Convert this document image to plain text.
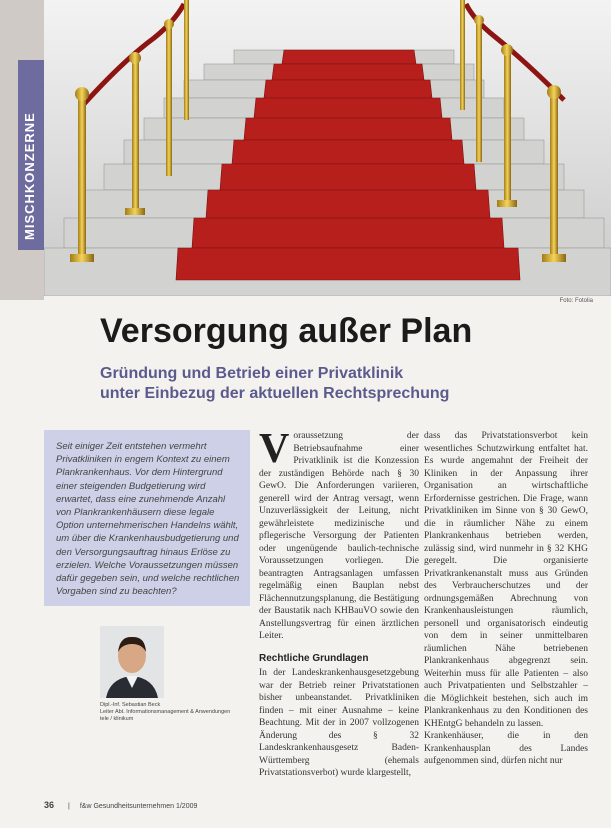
MISCHKONZERNE
Foto: Fotolia
Versorgung außer Plan
Gründung und Betrieb einer Privatklinik
unter Einbezug der aktuellen Rechtsprechung

Seit einiger Zeit entstehen vermehrt Privatkliniken in engem Kontext zu einem Plankrankenhaus. Vor dem Hintergrund einer steigenden Budgetierung wird erwartet, dass eine zunehmende Anzahl von Plankrankenhäusern diese legale Option unternehmerischen Handelns wählt, um über die Krankenhausbudgetierung und den Versorgungsauftrag hinaus Erlöse zu erzielen. Welche Voraussetzungen müssen dafür gegeben sein, und welche rechtlichen Vorgaben sind zu beachten?

Dipl.-Inf. Sebastian Beck
Leiter Abt. Informationsmanagement & Anwendungen
tele / klinikum

Voraussetzung der Betriebsaufnahme einer Privatklinik ist die Konzession der zuständigen Behörde nach § 30 GewO. Die Anforderungen variieren, generell wird der Antrag versagt, wenn Unzuverlässigkeit der Leitung, nicht gewährleistete medizinische und pflegerische Versorgung der Patienten oder ungenügende baulich-technische Voraussetzungen vorliegen. Die beantragten Antragsanlagen umfassen regelmäßig einen Bauplan nebst Flächennutzungsplanung, die Bestätigung der Baustatik nach KHBauVO sowie den Anstellungsvertrag für einen ärztlichen Leiter.

Rechtliche Grundlagen

In der Landeskrankenhausgesetzgebung war der Betrieb reiner Privatstationen bisher unbeanstandet. Privatkliniken finden – mit einer Ausnahme – keine Beachtung. Mit der in 2007 vollzogenen Änderung des § 32 Landeskrankenhausgesetz Baden-Württemberg (ehemals Privatstationsverbot) wurde klargestellt,

dass das Privatstationsverbot kein wesentliches Schutzwirkung entfaltet hat. Es wurde angemahnt der Freiheit der Kliniken in der Anpassung ihrer Organisation an wirtschaftliche Erfordernisse gestrichen. Die Frage, wann Privatkliniken im Sinne von § 30 GewO, die in räumlicher Nähe zu einem Plankrankenhaus betrieben werden, zulässig sind, wird nunmehr in § 32 KHG geregelt. Die organisierte Privatkrankenanstalt muss aus Gründen des Verbraucherschutzes und der ordnungsgemäßen Abrechnung von Krankenhausleistungen räumlich, personell und organisatorisch eindeutig von dem in seiner unmittelbaren räumlichen Nähe betriebenen Plankrankenhaus abgegrenzt sein. Weiterhin muss für alle Patienten – also auch Privatpatienten und Selbstzahler – die Möglichkeit bestehen, sich auch im Plankrankenhaus zu den Konditionen des KHEntgG behandeln zu lassen.

Krankenhäuser, die in den Krankenhausplan des Landes aufgenommen sind, dürfen nicht nur

36 | f&w Gesundheitsunternehmen 1/2009
